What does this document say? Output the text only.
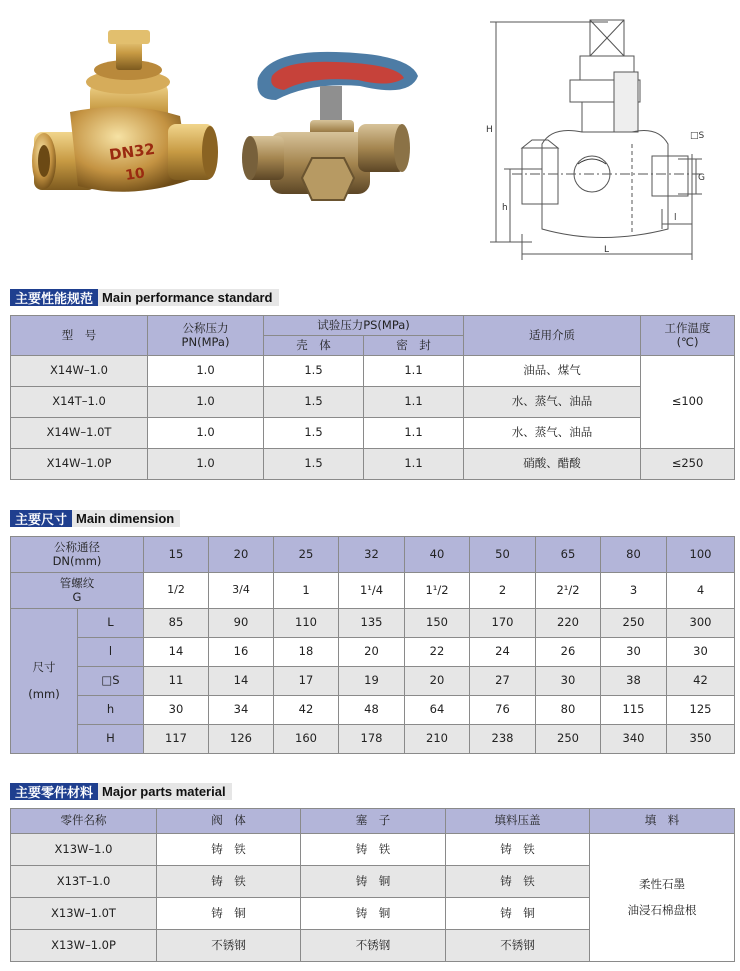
DN32
10
H
h
□S
G
l
L
主要性能规范 Main performance standard
型　号	公称压力
PN(MPa)	试验压力PS(MPa)		适用介质	工作温度
(℃)
		壳　体	密　封		
X14W–1.0	1.0	1.5	1.1	油品、煤气	≤100
X14T–1.0	1.0	1.5	1.1	水、蒸气、油品	
X14W–1.0T	1.0	1.5	1.1	水、蒸气、油品	
X14W–1.0P	1.0	1.5	1.1	硝酸、醋酸	≤250
主要尺寸 Main dimension
公称通径
DN(mm)		15	20	25	32	40	50	65	80	100
管螺纹
G		1/2	3/4	1	1¹/4	1¹/2	2	2¹/2	3	4
尺寸

(mm)	L	85	90	110	135	150	170	220	250	300
	l	14	16	18	20	22	24	26	30	30
	□S	11	14	17	19	20	27	30	38	42
	h	30	34	42	48	64	76	80	115	125
	H	117	126	160	178	210	238	250	340	350
主要零件材料 Major parts material
零件名称	阀　体	塞　子	填料压盖	填　料
X13W–1.0	铸　铁	铸　铁	铸　铁	柔性石墨

油浸石棉盘根
X13T–1.0	铸　铁	铸　铜	铸　铁	
X13W–1.0T	铸　铜	铸　铜	铸　铜	
X13W–1.0P	不锈钢	不锈钢	不锈钢	
